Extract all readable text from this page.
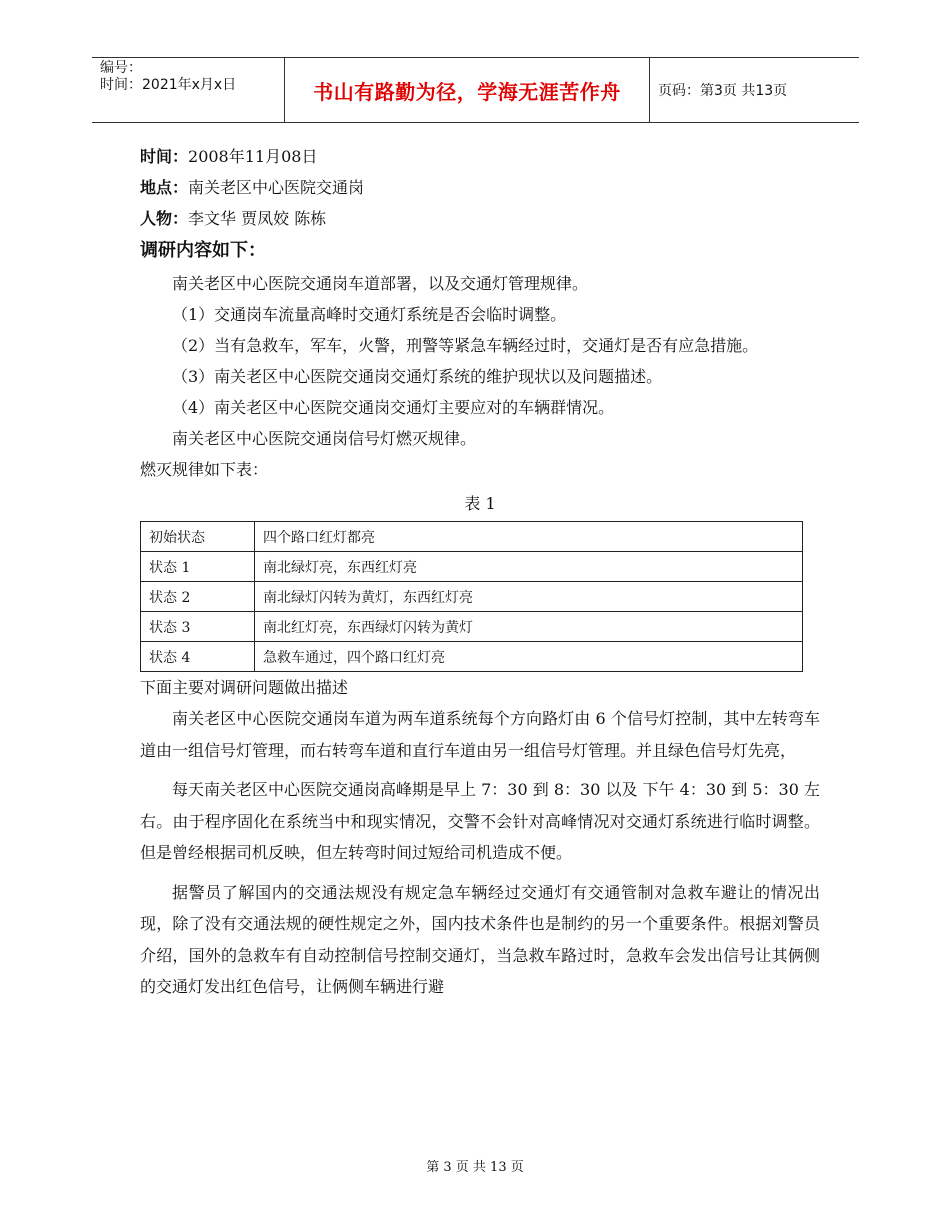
编号：
时间：2021年x月x日	书山有路勤为径，学海无涯苦作舟	页码：第3页 共13页
时间：2008年11月08日
地点：南关老区中心医院交通岗
人物：李文华 贾凤姣 陈栋
调研内容如下：
南关老区中心医院交通岗车道部署，以及交通灯管理规律。
（1）交通岗车流量高峰时交通灯系统是否会临时调整。
（2）当有急救车，军车，火警，刑警等紧急车辆经过时，交通灯是否有应急措施。
（3）南关老区中心医院交通岗交通灯系统的维护现状以及问题描述。
（4）南关老区中心医院交通岗交通灯主要应对的车辆群情况。
南关老区中心医院交通岗信号灯燃灭规律。
燃灭规律如下表：
表 1
初始状态	四个路口红灯都亮
状态 1	南北绿灯亮，东西红灯亮
状态 2	南北绿灯闪转为黄灯，东西红灯亮
状态 3	南北红灯亮，东西绿灯闪转为黄灯
状态 4	急救车通过，四个路口红灯亮
下面主要对调研问题做出描述
南关老区中心医院交通岗车道为两车道系统每个方向路灯由 6 个信号灯控制，其中左转弯车道由一组信号灯管理，而右转弯车道和直行车道由另一组信号灯管理。并且绿色信号灯先亮，
每天南关老区中心医院交通岗高峰期是早上 7：30 到 8：30 以及 下午 4：30 到 5：30 左右。由于程序固化在系统当中和现实情况，交警不会针对高峰情况对交通灯系统进行临时调整。但是曾经根据司机反映，但左转弯时间过短给司机造成不便。
据警员了解国内的交通法规没有规定急车辆经过交通灯有交通管制对急救车避让的情况出现，除了没有交通法规的硬性规定之外，国内技术条件也是制约的另一个重要条件。根据刘警员介绍，国外的急救车有自动控制信号控制交通灯，当急救车路过时，急救车会发出信号让其俩侧的交通灯发出红色信号，让俩侧车辆进行避
第 3 页 共 13 页
